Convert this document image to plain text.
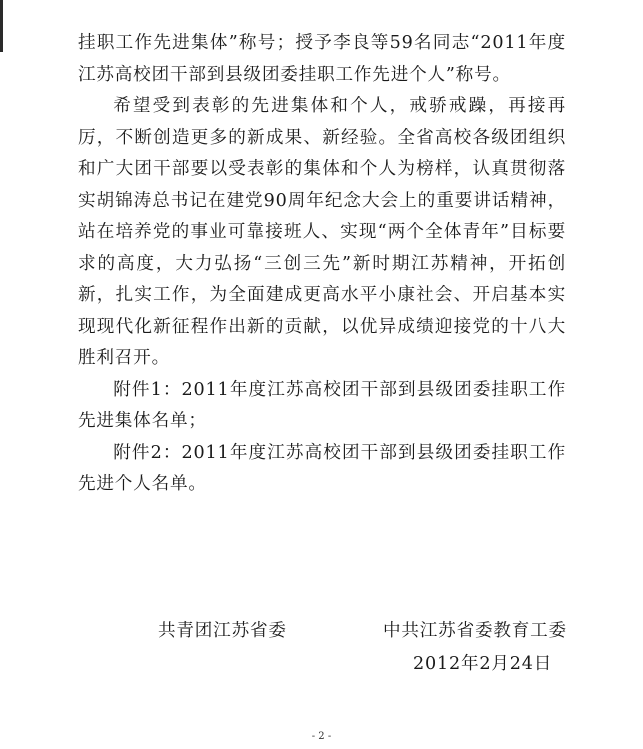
挂职工作先进集体”称号；授予李良等59名同志“2011年度江苏高校团干部到县级团委挂职工作先进个人”称号。

希望受到表彰的先进集体和个人，戒骄戒躁，再接再厉，不断创造更多的新成果、新经验。全省高校各级团组织和广大团干部要以受表彰的集体和个人为榜样，认真贯彻落实胡锦涛总书记在建党90周年纪念大会上的重要讲话精神，站在培养党的事业可靠接班人、实现“两个全体青年”目标要求的高度，大力弘扬“三创三先”新时期江苏精神，开拓创新，扎实工作，为全面建成更高水平小康社会、开启基本实现现代化新征程作出新的贡献，以优异成绩迎接党的十八大胜利召开。

附件1：2011年度江苏高校团干部到县级团委挂职工作先进集体名单；

附件2：2011年度江苏高校团干部到县级团委挂职工作先进个人名单。

共青团江苏省委	中共江苏省委教育工委
2012年2月24日
- 2 -
